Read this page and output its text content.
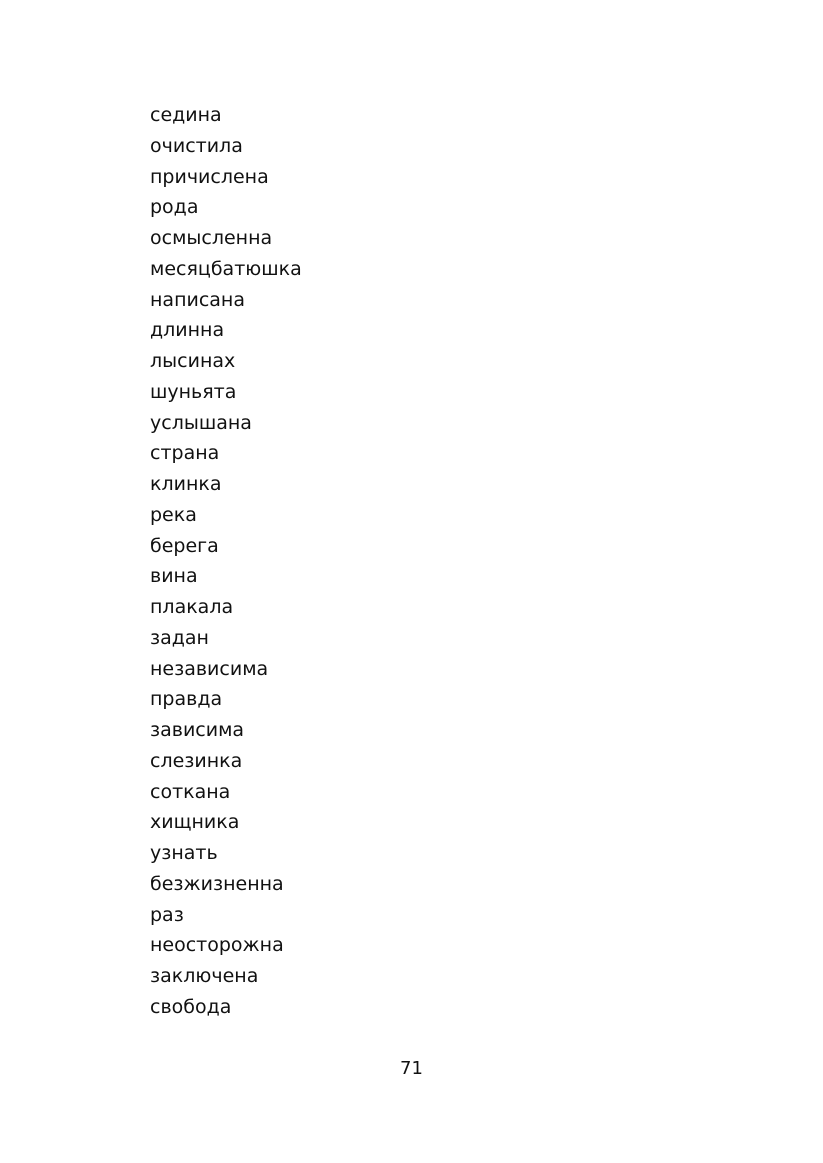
седина
очистила
причислена
рода
осмысленна
месяцбатюшка
написана
длинна
лысинах
шуньята
услышана
страна
клинка
река
берега
вина
плакала
задан
независима
правда
зависима
слезинка
соткана
хищника
узнать
безжизненна
раз
неосторожна
заключена
свобода
71
